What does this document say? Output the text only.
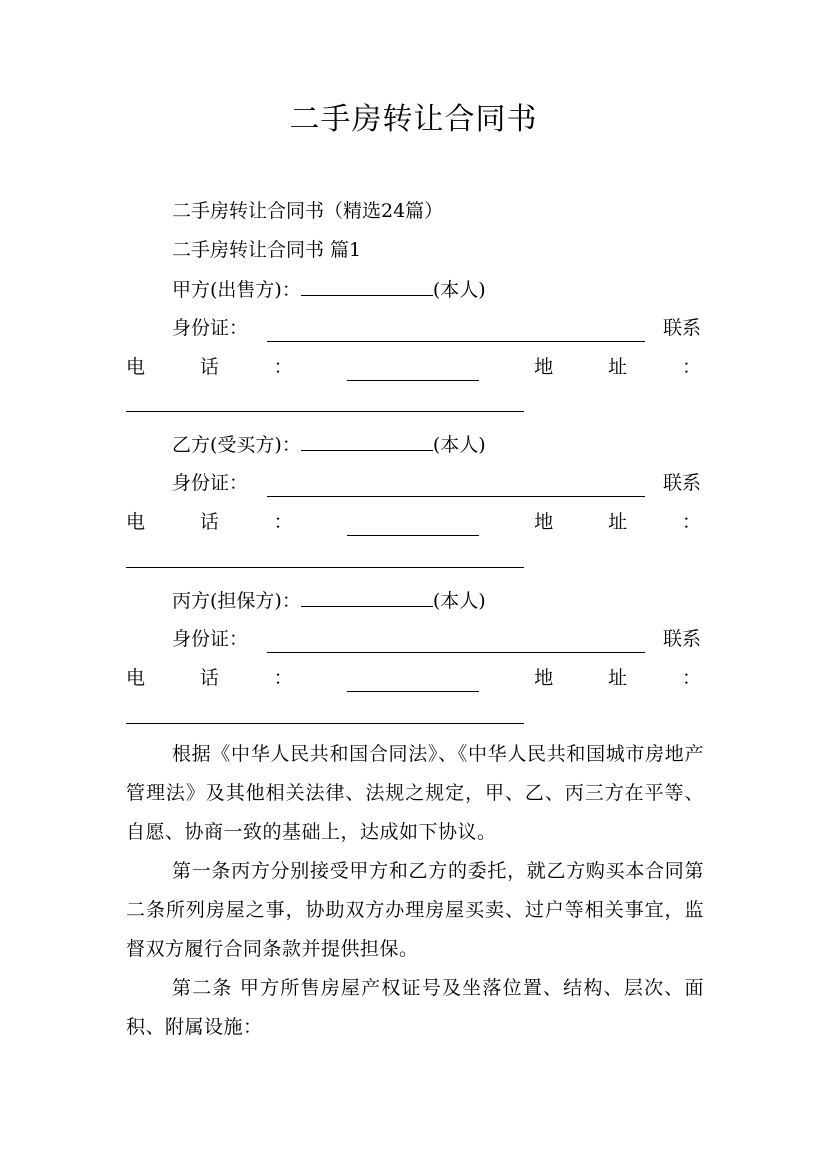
二手房转让合同书
二手房转让合同书（精选24篇）
二手房转让合同书 篇1
甲方(出售方)：	(本人)
身份证：	联系
电	话	：	地	址	：
乙方(受买方)：	(本人)
身份证：	联系
电	话	：	地	址	：
丙方(担保方)：	(本人)
身份证：	联系
电	话	：	地	址	：
根据《中华人民共和国合同法》、《中华人民共和国城市房地产管理法》及其他相关法律、法规之规定，甲、乙、丙三方在平等、自愿、协商一致的基础上，达成如下协议。
第一条丙方分别接受甲方和乙方的委托，就乙方购买本合同第二条所列房屋之事，协助双方办理房屋买卖、过户等相关事宜，监督双方履行合同条款并提供担保。
第二条 甲方所售房屋产权证号及坐落位置、结构、层次、面积、附属设施：
